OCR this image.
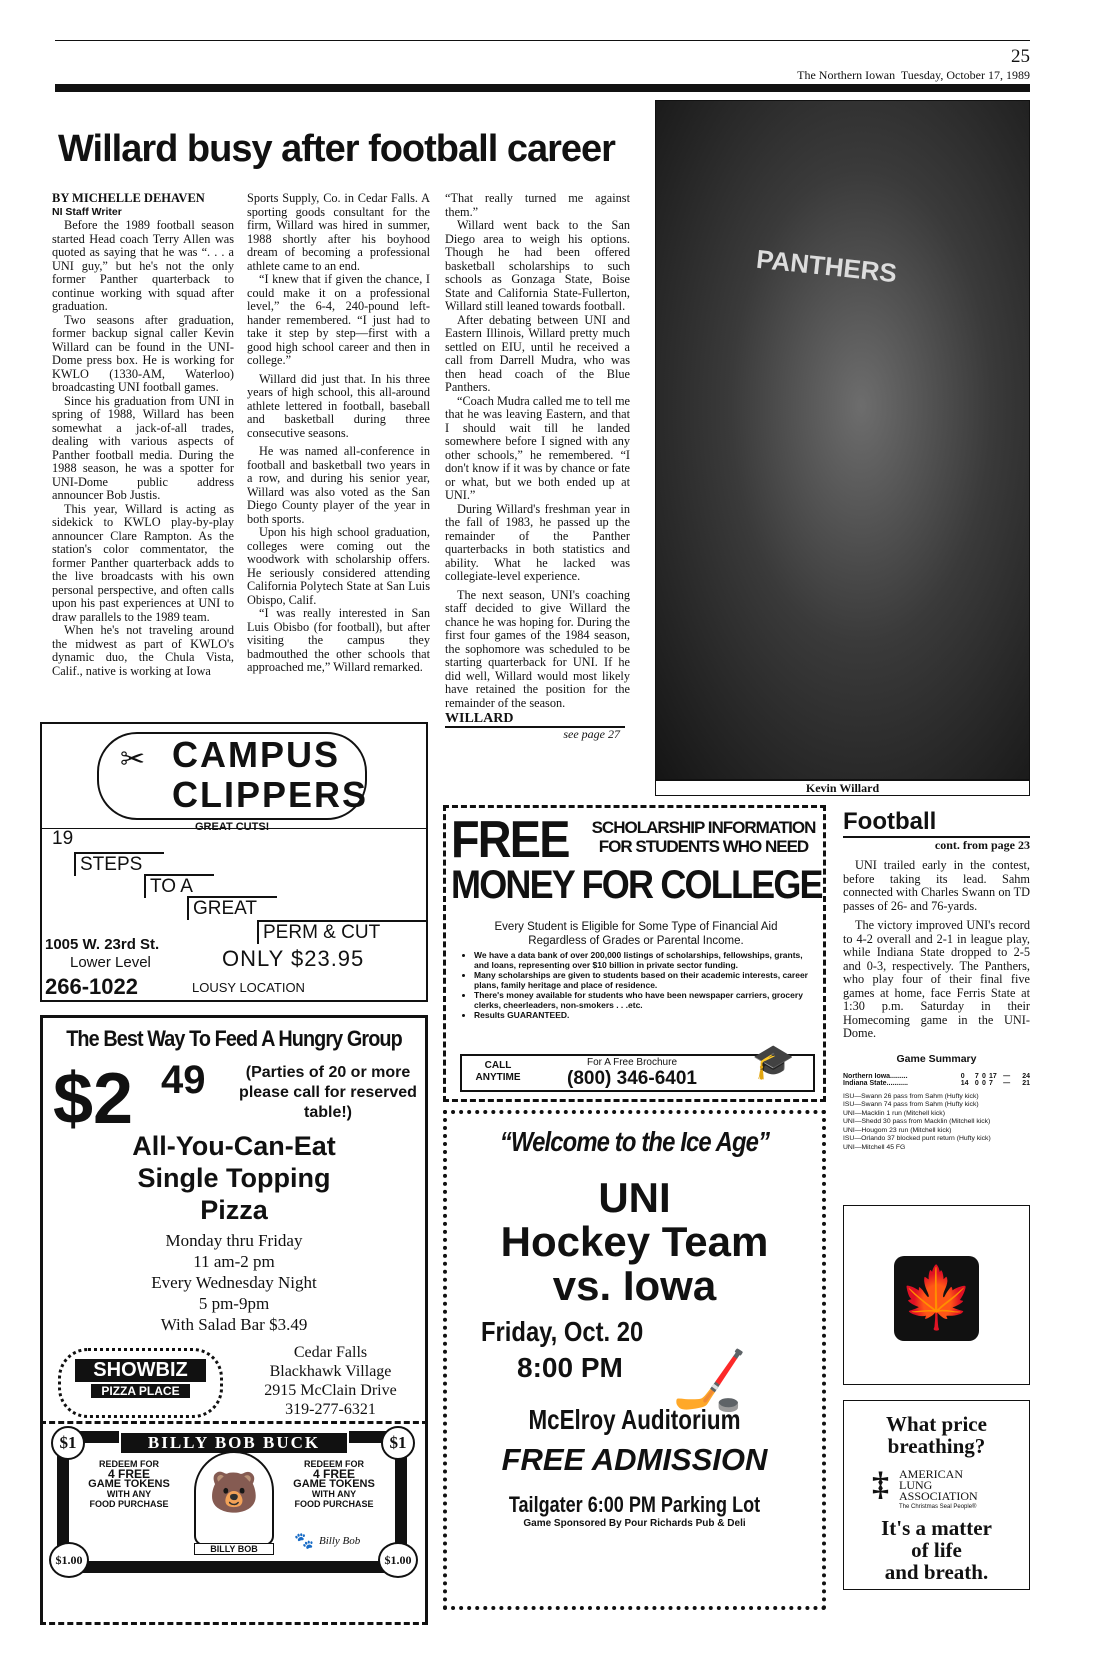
25
The Northern Iowan  Tuesday, October 17, 1989
Willard busy after football career
PANTHERS
Kevin Willard
BY MICHELLE DEHAVEN
NI Staff Writer

Before the 1989 football season started Head coach Terry Allen was quoted as saying that he was “. . . a UNI guy,” but he's not the only former Panther quarterback to continue working with squad after graduation.

Two seasons after graduation, former backup signal caller Kevin Willard can be found in the UNI-Dome press box. He is working for KWLO (1330-AM, Waterloo) broadcasting UNI football games.

Since his graduation from UNI in spring of 1988, Willard has been somewhat a jack-of-all trades, dealing with various aspects of Panther football media. During the 1988 season, he was a spotter for UNI-Dome public address announcer Bob Justis.

This year, Willard is acting as sidekick to KWLO play-by-play announcer Clare Rampton. As the station's color commentator, the former Panther quarterback adds to the live broadcasts with his own personal perspective, and often calls upon his past experiences at UNI to draw parallels to the 1989 team.

When he's not traveling around the midwest as part of KWLO's dynamic duo, the Chula Vista, Calif., native is working at Iowa

Sports Supply, Co. in Cedar Falls. A sporting goods consultant for the firm, Willard was hired in summer, 1988 shortly after his boyhood dream of becoming a professional athlete came to an end.

“I knew that if given the chance, I could make it on a professional level,” the 6-4, 240-pound left-hander remembered. “I just had to take it step by step—first with a good high school career and then in college.”

Willard did just that. In his three years of high school, this all-around athlete lettered in football, baseball and basketball during three consecutive seasons.

He was named all-conference in football and basketball two years in a row, and during his senior year, Willard was also voted as the San Diego County player of the year in both sports.

Upon his high school graduation, colleges were coming out the woodwork with scholarship offers. He seriously considered attending California Polytech State at San Luis Obispo, Calif.

“I was really interested in San Luis Obisbo (for football), but after visiting the campus they badmouthed the other schools that approached me,” Willard remarked.

“That really turned me against them.”

Willard went back to the San Diego area to weigh his options. Though he had been offered basketball scholarships to such schools as Gonzaga State, Boise State and California State-Fullerton, Willard still leaned towards football.

After debating between UNI and Eastern Illinois, Willard pretty much settled on EIU, until he received a call from Darrell Mudra, who was then head coach of the Blue Panthers.

“Coach Mudra called me to tell me that he was leaving Eastern, and that I should wait till he landed somewhere before I signed with any other schools,” he remembered. “I don't know if it was by chance or fate or what, but we both ended up at UNI.”

During Willard's freshman year in the fall of 1983, he passed up the remainder of the Panther quarterbacks in both statistics and ability. What he lacked was collegiate-level experience.

The next season, UNI's coaching staff decided to give Willard the chance he was hoping for. During the first four games of the 1984 season, the sophomore was scheduled to be starting quarterback for UNI. If he did well, Willard would most likely have retained the position for the remainder of the season.

WILLARD
see page 27
✂ CAMPUS
CLIPPERS
GREAT CUTS!
19
STEPS
TO A
GREAT
PERM & CUT
1005 W. 23rd St.
Lower Level
266-1022
ONLY $23.95
LOUSY LOCATION
The Best Way To Feed A Hungry Group
$2 49	(Parties of 20 or more please call for reserved table!)
All-You-Can-Eat
Single Topping
Pizza
Monday thru Friday
11 am-2 pm
Every Wednesday Night
5 pm-9pm
With Salad Bar $3.49
SHOWBIZ
PIZZA PLACE
Cedar Falls
Blackhawk Village
2915 McClain Drive
319-277-6321
BILLY BOB BUCK
REDEEM FOR
4 FREE
GAME TOKENS
WITH ANY
FOOD PURCHASE
REDEEM FOR
4 FREE
GAME TOKENS
WITH ANY
FOOD PURCHASE
🐻
BILLY BOB
Billy Bob
🐾
$1	$1
$1.00	$1.00
FREE	SCHOLARSHIP INFORMATION FOR STUDENTS WHO NEED
MONEY FOR COLLEGE
Every Student is Eligible for Some Type of Financial Aid Regardless of Grades or Parental Income.
• We have a data bank of over 200,000 listings of scholarships, fellowships, grants, and loans, representing over $10 billion in private sector funding.
• Many scholarships are given to students based on their academic interests, career plans, family heritage and place of residence.
• There's money available for students who have been newspaper carriers, grocery clerks, cheerleaders, non-smokers . . .etc.
• Results GUARANTEED.
CALL ANYTIME
For A Free Brochure
(800) 346-6401	🎓
“Welcome to the Ice Age”
UNI
Hockey Team
vs. Iowa
🏒
Friday, Oct. 20
8:00 PM
McElroy Auditorium
FREE ADMISSION
Tailgater 6:00 PM Parking Lot
Game Sponsored By Pour Richards Pub & Deli
Football
cont. from page 23

UNI trailed early in the contest, before taking its lead. Sahm connected with Charles Swann on TD passes of 26- and 76-yards.

The victory improved UNI's record to 4-2 overall and 2-1 in league play, while Indiana State dropped to 2-5 and 0-3, respectively. The Panthers, who play four of their final five games at home, face Ferris State at 1:30 p.m. Saturday in their Homecoming game in the UNI-Dome.

Game Summary
Northern Iowa.........	0	7	0	17	—	24
Indiana State...........	14	0	0	7	—	21
ISU—Swann 26 pass from Sahm (Hufty kick)
ISU—Swann 74 pass from Sahm (Hufty kick)
UNI—Macklin 1 run (Mitchell kick)
UNI—Shedd 30 pass from Macklin (Mitchell kick)
UNI—Hougom 23 run (Mitchell kick)
ISU—Orlando 37 blocked punt return (Hufty kick)
UNI—Mitchell 45 FG
🍁
What price
breathing?
‡ AMERICAN
LUNG
ASSOCIATION
The Christmas Seal People®
It's a matter
of life
and breath.
